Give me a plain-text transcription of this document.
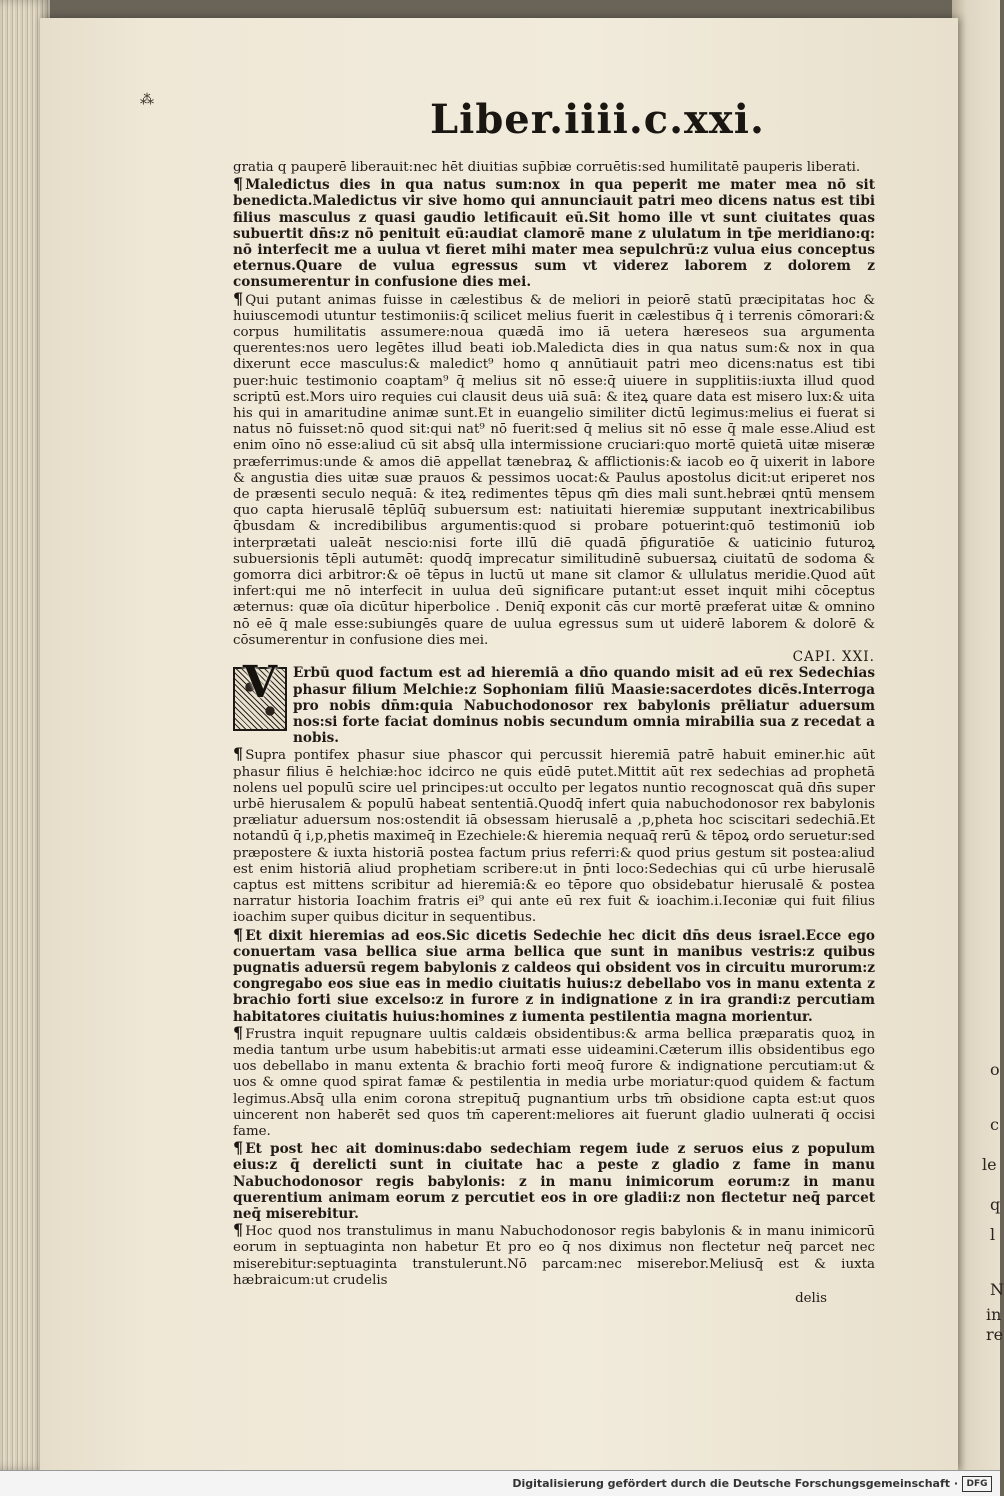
o
c
le
q
l
N
in
re
⁂	Liber.iiii.c.xxi.

gratia q pauperē liberauit:nec hēt diuitias sup̄biæ corruētis:sed humilitatē pauperis liberati.

¶ Maledictus dies in qua natus sum:nox in qua peperit me mater mea nō sit benedicta.Maledictus vir sive homo qui annunciauit patri meo dicens natus est tibi filius masculus z quasi gaudio letificauit eū.Sit homo ille vt sunt ciuitates quas subuertit dn̄s:z nō penituit eū:audiat clamorē mane z ululatum in tp̄e meridiano:q: nō interfecit me a uulua vt fieret mihi mater mea sepulchrū:z vulua eius conceptus eternus.Quare de vulua egressus sum vt viderez laborem z dolorem z consumerentur in confusione dies mei.

¶ Qui putant animas fuisse in cælestibus & de meliori in peiorē statū præcipitatas hoc & huiuscemodi utuntur testimoniis:q̄ scilicet melius fuerit in cælestibus q̄ i terrenis cōmorari:& corpus humilitatis assumere:noua quædā imo iā uetera hæreseos sua argumenta querentes:nos uero legētes illud beati iob.Maledicta dies in qua natus sum:& nox in qua dixerunt ecce masculus:& maledict⁹ homo q annūtiauit patri meo dicens:natus est tibi puer:huic testimonio coaptam⁹ q̄ melius sit nō esse:q̄ uiuere in supplitiis:iuxta illud quod scriptū est.Mors uiro requies cui clausit deus uiā suā: & iteꝝ quare data est misero lux:& uita his qui in amaritudine animæ sunt.Et in euangelio similiter dictū legimus:melius ei fuerat si natus nō fuisset:nō quod sit:qui nat⁹ nō fuerit:sed q̄ melius sit nō esse q̄ male esse.Aliud est enim oīno nō esse:aliud cū sit absq̄ ulla intermissione cruciari:quo mortē quietā uitæ miseræ præferrimus:unde & amos diē appellat tænebraꝝ & afflictionis:& iacob eo q̄ uixerit in labore & angustia dies uitæ suæ prauos & pessimos uocat:& Paulus apostolus dicit:ut eriperet nos de præsenti seculo nequā: & iteꝝ redimentes tēpus qm̄ dies mali sunt.hebræi qntū mensem quo capta hierusalē tēplūq̄ subuersum est: natiuitati hieremiæ supputant inextricabilibus q̄busdam & incredibilibus argumentis:quod si probare potuerint:quō testimoniū iob interprætati ualeāt nescio:nisi forte illū diē quadā p̄figuratiōe & uaticinio futuroꝝ subuersionis tēpli autumēt: quodq̄ imprecatur similitudinē subuersaꝝ ciuitatū de sodoma & gomorra dici arbitror:& oē tēpus in luctū ut mane sit clamor & ullulatus meridie.Quod aūt infert:qui me nō interfecit in uulua deū significare putant:ut esset inquit mihi cōceptus æternus: quæ oīa dicūtur hiperbolice . Deniq̄ exponit cās cur mortē præferat uitæ & omnino nō eē q̄ male esse:subiungēs quare de uulua egressus sum ut uiderē laborem & dolorē & cōsumerentur in confusione dies mei.

CAPI. XXI.

V	Erbū quod factum est ad hieremiā a dn̄o quando misit ad eū rex Sedechias phasur filium Melchie:z Sophoniam filiū Maasie:sacerdotes dicēs.Interroga pro nobis dn̄m:quia Nabuchodonosor rex babylonis prēliatur aduersum nos:si forte faciat dominus nobis secundum omnia mirabilia sua z recedat a nobis.

¶ Supra pontifex phasur siue phascor qui percussit hieremiā patrē habuit eminer.hic aūt phasur filius ē helchiæ:hoc idcirco ne quis eūdē putet.Mittit aūt rex sedechias ad prophetā nolens uel populū scire uel principes:ut occulto per legatos nuntio recognoscat quā dn̄s super urbē hierusalem & populū habeat sententiā.Quodq̄ infert quia nabuchodonosor rex babylonis præliatur aduersum nos:ostendit iā obsessam hierusalē a ,p,pheta hoc sciscitari sedechiā.Et notandū q̄ i,p,phetis maximeq̄ in Ezechiele:& hieremia nequaq̄ rerū & tēpoꝝ ordo seruetur:sed præpostere & iuxta historiā postea factum prius referri:& quod prius gestum sit postea:aliud est enim historiā aliud prophetiam scribere:ut in p̄nti loco:Sedechias qui cū urbe hierusalē captus est mittens scribitur ad hieremiā:& eo tēpore quo obsidebatur hierusalē & postea narratur historia Ioachim fratris ei⁹ qui ante eū rex fuit & ioachim.i.Ieconiæ qui fuit filius ioachim super quibus dicitur in sequentibus.

¶ Et dixit hieremias ad eos.Sic dicetis Sedechie hec dicit dn̄s deus israel.Ecce ego conuertam vasa bellica siue arma bellica que sunt in manibus vestris:z quibus pugnatis aduersū regem babylonis z caldeos qui obsident vos in circuitu murorum:z congregabo eos siue eas in medio ciuitatis huius:z debellabo vos in manu extenta z brachio forti siue excelso:z in furore z in indignatione z in ira grandi:z percutiam habitatores ciuitatis huius:homines z iumenta pestilentia magna morientur.

¶ Frustra inquit repugnare uultis caldæis obsidentibus:& arma bellica præparatis quoꝝ in media tantum urbe usum habebitis:ut armati esse uideamini.Cæterum illis obsidentibus ego uos debellabo in manu extenta & brachio forti meoq̄ furore & indignatione percutiam:ut & uos & omne quod spirat famæ & pestilentia in media urbe moriatur:quod quidem & factum legimus.Absq̄ ulla enim corona strepituq̄ pugnantium urbs tm̄ obsidione capta est:ut quos uincerent non haberēt sed quos tm̄ caperent:meliores ait fuerunt gladio uulnerati q̄ occisi fame.

¶ Et post hec ait dominus:dabo sedechiam regem iude z seruos eius z populum eius:z q̄ derelicti sunt in ciuitate hac a peste z gladio z fame in manu Nabuchodonosor regis babylonis: z in manu inimicorum eorum:z in manu querentium animam eorum z percutiet eos in ore gladii:z non flectetur neq̄ parcet neq̄ miserebitur.

¶ Hoc quod nos transtulimus in manu Nabuchodonosor regis babylonis & in manu inimicorū eorum in septuaginta non habetur Et pro eo q̄ nos diximus non flectetur neq̄ parcet nec miserebitur:septuaginta transtulerunt.Nō parcam:nec miserebor.Meliusq̄ est & iuxta hæbraicum:ut crudelis

delis

Digitalisierung gefördert durch die Deutsche Forschungsgemeinschaft · DFG
